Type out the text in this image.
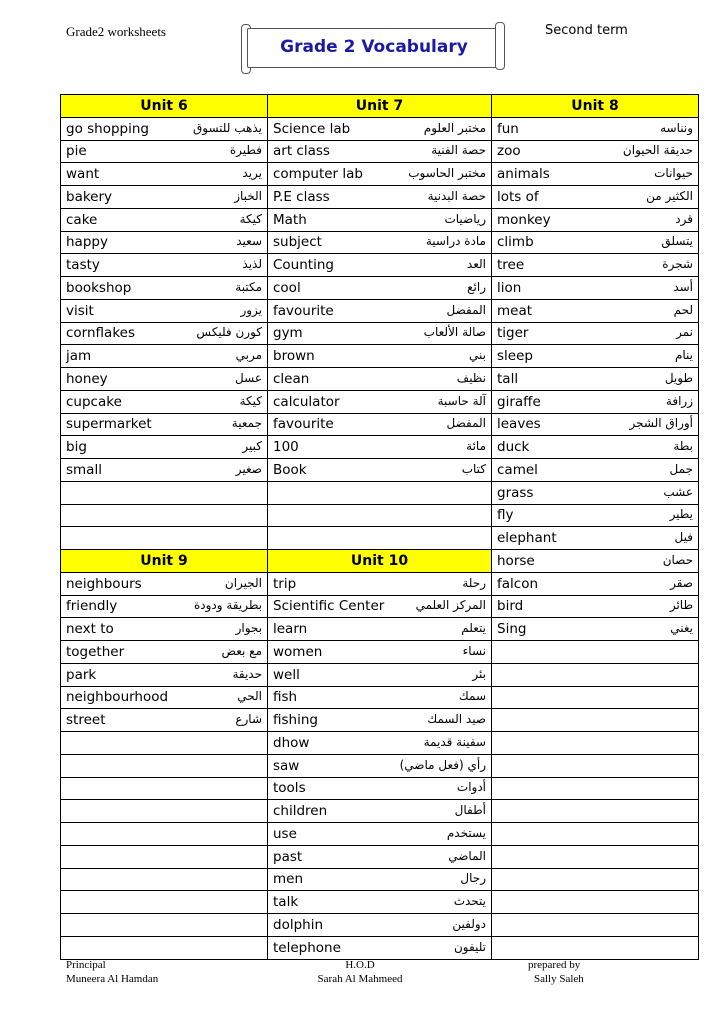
Grade2 worksheets	Second term
Grade 2 Vocabulary
Unit 6	Unit 7	Unit 8

go shopping يذهب للتسوق	Science lab مختبر العلوم	fun ونناسه

pie فطيرة	art class حصة الفنية	zoo حديقة الحيوان

want يريد	computer lab مختبر الحاسوب	animals حيوانات

bakery الخباز	P.E class حصة البدنية	lots of الكثير من

cake كيكة	Math رياضيات	monkey قرد

happy سعيد	subject مادة دراسية	climb يتسلق

tasty لذيذ	Counting العد	tree شجرة

bookshop مكتبة	cool رائع	lion أسد

visit يزور	favourite المفضل	meat لحم

cornflakes كورن فليكس	gym صالة الألعاب	tiger نمر

jam مربي	brown بني	sleep ينام

honey عسل	clean نظيف	tall طويل

cupcake كيكة	calculator آلة حاسبة	giraffe زرافة

supermarket جمعية	favourite المفضل	leaves أوراق الشجر

big كبير	100 مائة	duck بطة

small صغير	Book كتاب	camel جمل

		grass عشب

		fly يطير

		elephant فيل

Unit 9	Unit 10	horse حصان

neighbours الجيران	trip رحلة	falcon صقر

friendly بطريقة ودودة	Scientific Center المركز العلمي	bird طائر

next to بجوار	learn يتعلم	Sing يغني

together مع بعض	women نساء	

park حديقة	well بئر	

neighbourhood الحي	fish سمك	

street شارع	fishing صيد السمك	

	dhow سفينة قديمة	

	saw رأي (فعل ماضي)	

	tools أدوات	

	children أطفال	

	use يستخدم	

	past الماضي	

	men رجال	

	talk يتحدث	

	dolphin دولفين	

	telephone تليفون	

Principal
Muneera Al Hamdan
H.O.D
Sarah Al Mahmeed
prepared by
Sally Saleh
